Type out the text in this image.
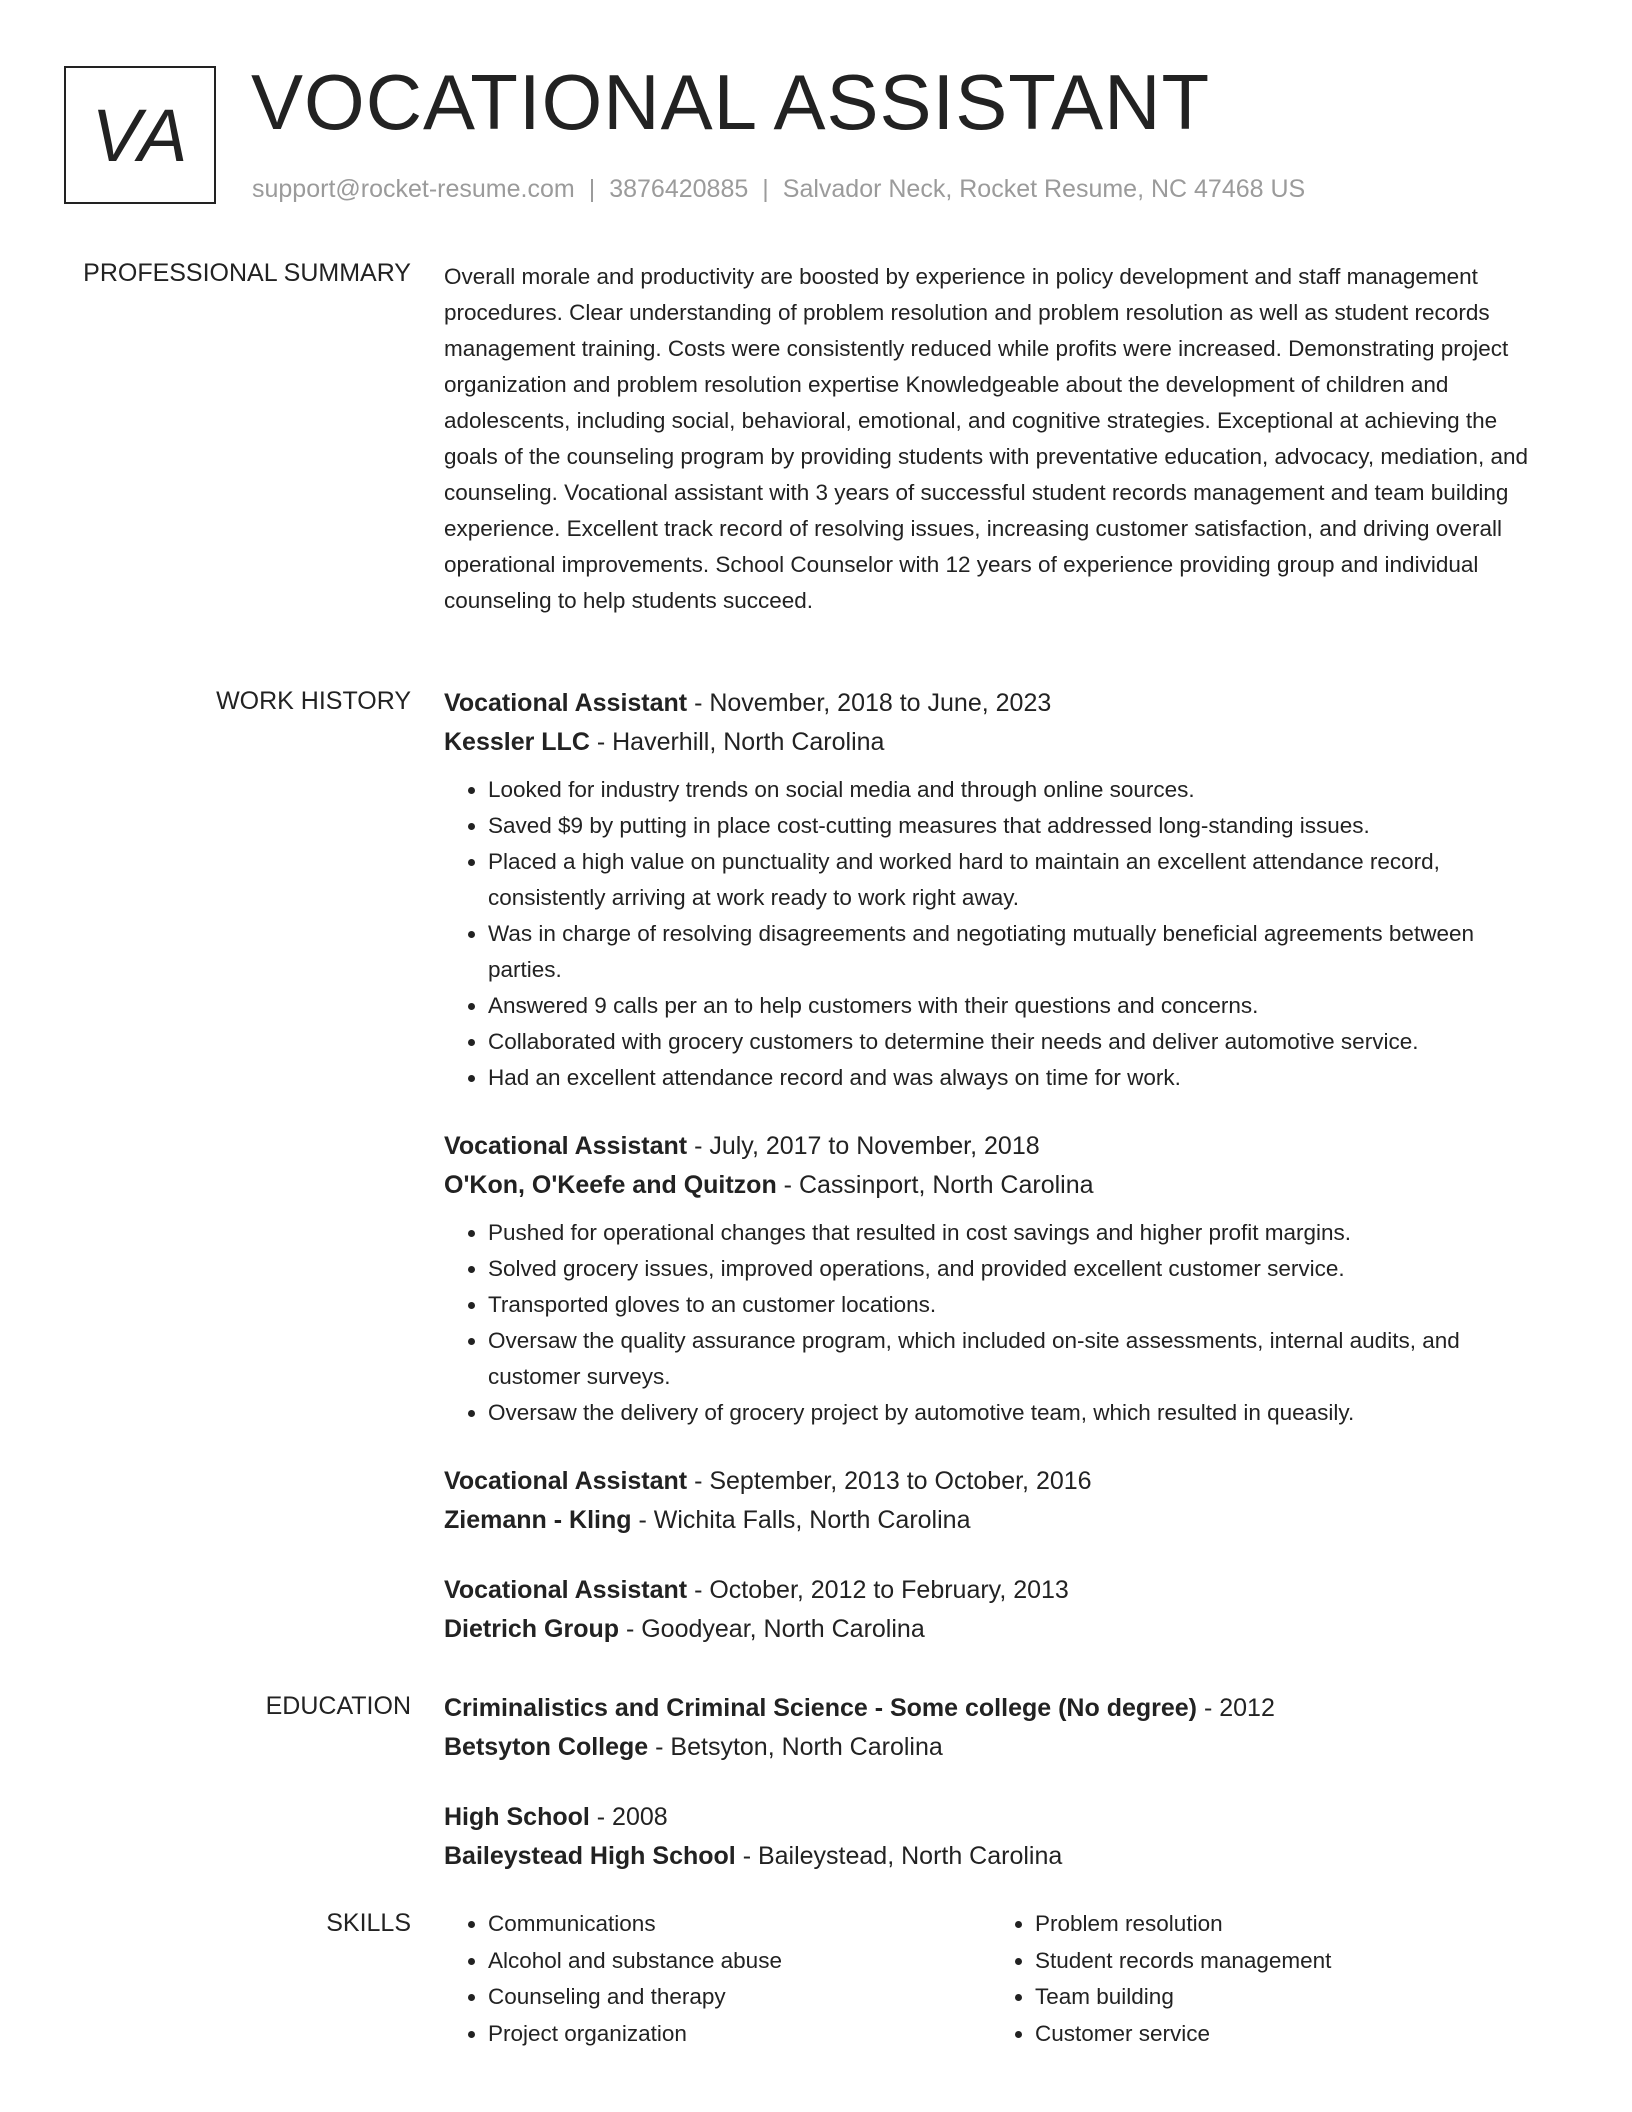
VA VOCATIONAL ASSISTANT
support@rocket-resume.com | 3876420885 | Salvador Neck, Rocket Resume, NC 47468 US
PROFESSIONAL SUMMARY Overall morale and productivity are boosted by experience in policy development and staff management procedures. Clear understanding of problem resolution and problem resolution as well as student records management training. Costs were consistently reduced while profits were increased. Demonstrating project organization and problem resolution expertise Knowledgeable about the development of children and adolescents, including social, behavioral, emotional, and cognitive strategies. Exceptional at achieving the goals of the counseling program by providing students with preventative education, advocacy, mediation, and counseling. Vocational assistant with 3 years of successful student records management and team building experience. Excellent track record of resolving issues, increasing customer satisfaction, and driving overall operational improvements. School Counselor with 12 years of experience providing group and individual counseling to help students succeed.

WORK HISTORY Vocational Assistant - November, 2018 to June, 2023
Kessler LLC - Haverhill, North Carolina
• Looked for industry trends on social media and through online sources.
• Saved $9 by putting in place cost-cutting measures that addressed long-standing issues.
• Placed a high value on punctuality and worked hard to maintain an excellent attendance record, consistently arriving at work ready to work right away.
• Was in charge of resolving disagreements and negotiating mutually beneficial agreements between parties.
• Answered 9 calls per an to help customers with their questions and concerns.
• Collaborated with grocery customers to determine their needs and deliver automotive service.
• Had an excellent attendance record and was always on time for work.
Vocational Assistant - July, 2017 to November, 2018
O'Kon, O'Keefe and Quitzon - Cassinport, North Carolina
• Pushed for operational changes that resulted in cost savings and higher profit margins.
• Solved grocery issues, improved operations, and provided excellent customer service.
• Transported gloves to an customer locations.
• Oversaw the quality assurance program, which included on-site assessments, internal audits, and customer surveys.
• Oversaw the delivery of grocery project by automotive team, which resulted in queasily.
Vocational Assistant - September, 2013 to October, 2016
Ziemann - Kling - Wichita Falls, North Carolina
Vocational Assistant - October, 2012 to February, 2013
Dietrich Group - Goodyear, North Carolina
EDUCATION Criminalistics and Criminal Science - Some college (No degree) - 2012
Betsyton College - Betsyton, North Carolina
High School - 2008
Baileystead High School - Baileystead, North Carolina
SKILLS
•	Communications
• Alcohol and substance abuse
• Counseling and therapy
• Project organization
• Problem resolution
• Student records management
• Team building
• Customer service
